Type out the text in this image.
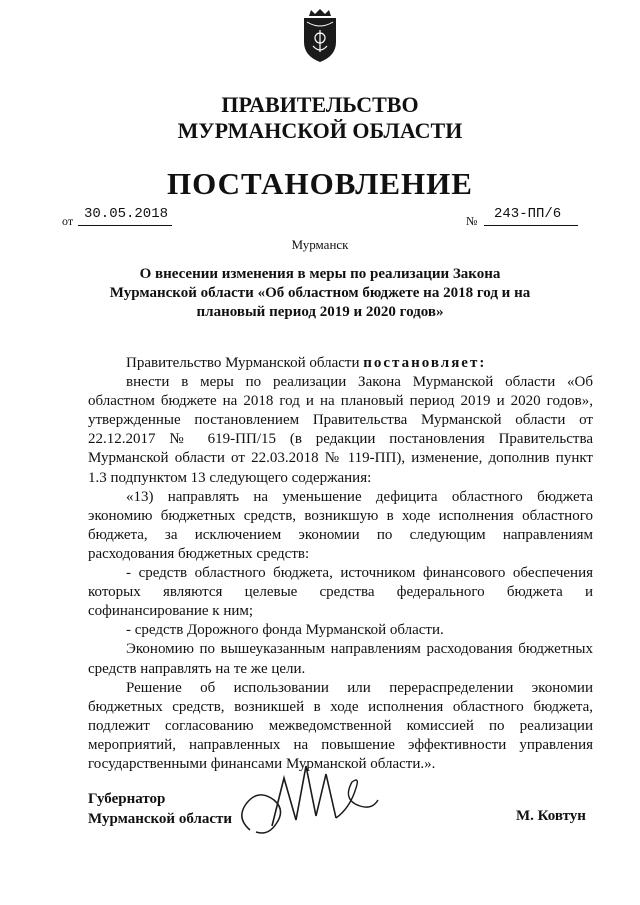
ПРАВИТЕЛЬСТВО
МУРМАНСКОЙ ОБЛАСТИ
ПОСТАНОВЛЕНИЕ
от 30.05.2018	№ 243-ПП/6
Мурманск
О внесении изменения в меры по реализации Закона Мурманской области «Об областном бюджете на 2018 год и на плановый период 2019 и 2020 годов»

Правительство Мурманской области постановляет:

внести в меры по реализации Закона Мурманской области «Об областном бюджете на 2018 год и на плановый период 2019 и 2020 годов», утвержденные постановлением Правительства Мурманской области от 22.12.2017 № 619-ПП/15 (в редакции постановления Правительства Мурманской области от 22.03.2018 № 119-ПП), изменение, дополнив пункт 1.3 подпунктом 13 следующего содержания:

«13) направлять на уменьшение дефицита областного бюджета экономию бюджетных средств, возникшую в ходе исполнения областного бюджета, за исключением экономии по следующим направлениям расходования бюджетных средств:

- средств областного бюджета, источником финансового обеспечения которых являются целевые средства федерального бюджета и софинансирование к ним;

- средств Дорожного фонда Мурманской области.

Экономию по вышеуказанным направлениям расходования бюджетных средств направлять на те же цели.

Решение об использовании или перераспределении экономии бюджетных средств, возникшей в ходе исполнения областного бюджета, подлежит согласованию межведомственной комиссией по реализации мероприятий, направленных на повышение эффективности управления государственными финансами Мурманской области.».

Губернатор
Мурманской области	М. Ковтун
